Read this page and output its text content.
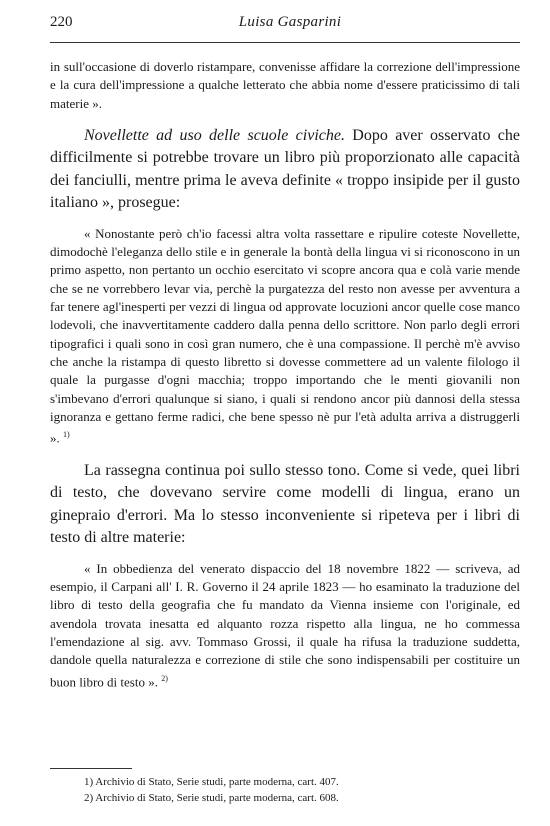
220	Luisa Gasparini

in sull'occasione di doverlo ristampare, convenisse affidare la correzione dell'impressione e la cura dell'impressione a qualche letterato che abbia nome d'essere praticissimo di tali materie ».

Novellette ad uso delle scuole civiche. Dopo aver osservato che difficilmente si potrebbe trovare un libro più proporzionato alle capacità dei fanciulli, mentre prima le aveva definite « troppo insipide per il gusto italiano », prosegue:

« Nonostante però ch'io facessi altra volta rassettare e ripulire coteste Novellette, dimodochè l'eleganza dello stile e in generale la bontà della lingua vi si riconoscono in un primo aspetto, non pertanto un occhio esercitato vi scopre ancora qua e colà varie mende che se ne vorrebbero levar via, perchè la purgatezza del resto non avesse per avventura a far tenere agl'inesperti per vezzi di lingua od approvate locuzioni ancor quelle cose manco lodevoli, che inavvertitamente caddero dalla penna dello scrittore. Non parlo degli errori tipografici i quali sono in così gran numero, che è una compassione. Il perchè m'è avviso che anche la ristampa di questo libretto si dovesse commettere ad un valente filologo il quale la purgasse d'ogni macchia; troppo importando che le menti giovanili non s'imbevano d'errori qualunque si siano, i quali si rendono ancor più dannosi della stessa ignoranza e gettano ferme radici, che bene spesso nè pur l'età adulta arriva a distruggerli ». $^{1)}$

La rassegna continua poi sullo stesso tono. Come si vede, quei libri di testo, che dovevano servire come modelli di lingua, erano un ginepraio d'errori. Ma lo stesso inconveniente si ripeteva per i libri di testo di altre materie:

« In obbedienza del venerato dispaccio del 18 novembre 1822 — scriveva, ad esempio, il Carpani all' I. R. Governo il 24 aprile 1823 — ho esaminato la traduzione del libro di testo della geografia che fu mandato da Vienna insieme con l'originale, ed avendola trovata inesatta ed alquanto rozza rispetto alla lingua, ne ho commessa l'emendazione al sig. avv. Tommaso Grossi, il quale ha rifusa la traduzione suddetta, dandole quella naturalezza e correzione di stile che sono indispensabili per costituire un buon libro di testo ». $^{2)}$

1) Archivio di Stato, Serie studi, parte moderna, cart. 407.
2) Archivio di Stato, Serie studi, parte moderna, cart. 608.
